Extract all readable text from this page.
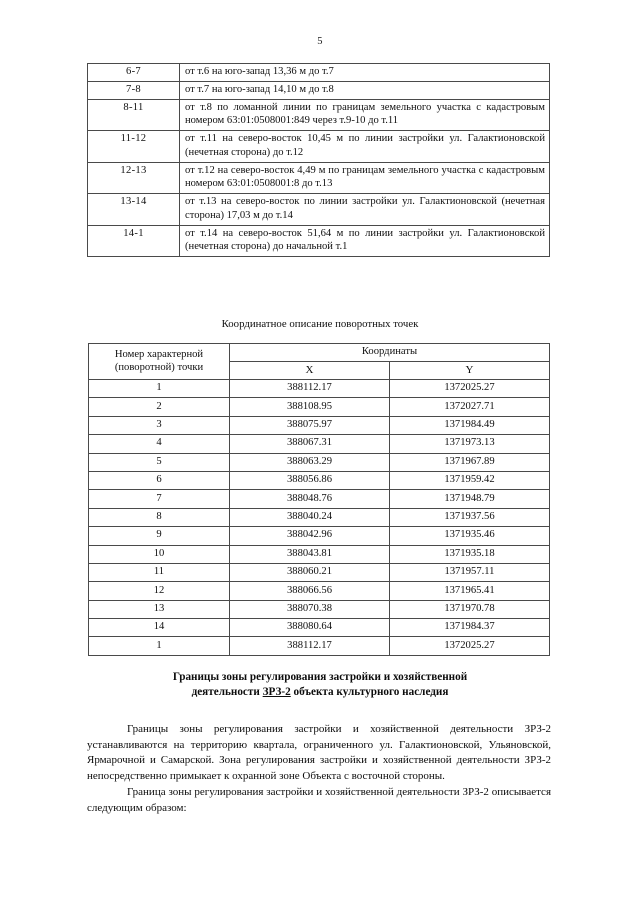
5
6-7	от т.6 на юго-запад 13,36 м до т.7
7-8	от т.7 на юго-запад 14,10 м до т.8
8-11	от т.8 по ломанной линии по границам земельного участка с кадастровым номером 63:01:0508001:849 через т.9-10 до т.11
11-12	от т.11 на северо-восток 10,45 м по линии застройки ул. Галактионовской (нечетная сторона) до т.12
12-13	от т.12 на северо-восток 4,49 м по границам земельного участка с кадастровым номером 63:01:0508001:8 до т.13
13-14	от т.13 на северо-восток по линии застройки ул. Галактионовской (нечетная сторона) 17,03 м до т.14
14-1	от т.14 на северо-восток 51,64 м по линии застройки ул. Галактионовской (нечетная сторона) до начальной т.1
Координатное описание поворотных точек
Номер характерной
(поворотной) точки	Координаты	
	X	Y
1	388112.17	1372025.27
2	388108.95	1372027.71
3	388075.97	1371984.49
4	388067.31	1371973.13
5	388063.29	1371967.89
6	388056.86	1371959.42
7	388048.76	1371948.79
8	388040.24	1371937.56
9	388042.96	1371935.46
10	388043.81	1371935.18
11	388060.21	1371957.11
12	388066.56	1371965.41
13	388070.38	1371970.78
14	388080.64	1371984.37
1	388112.17	1372025.27
Границы зоны регулирования застройки и хозяйственной
деятельности ЗРЗ-2 объекта культурного наследия

Границы зоны регулирования застройки и хозяйственной деятельности ЗРЗ-2 устанавливаются на территорию квартала, ограниченного ул. Галактионовской, Ульяновской, Ярмарочной и Самарской. Зона регулирования застройки и хозяйственной деятельности ЗРЗ-2 непосредственно примыкает к охранной зоне Объекта с восточной стороны.

Граница зоны регулирования застройки и хозяйственной деятельности ЗРЗ-2 описывается следующим образом:
